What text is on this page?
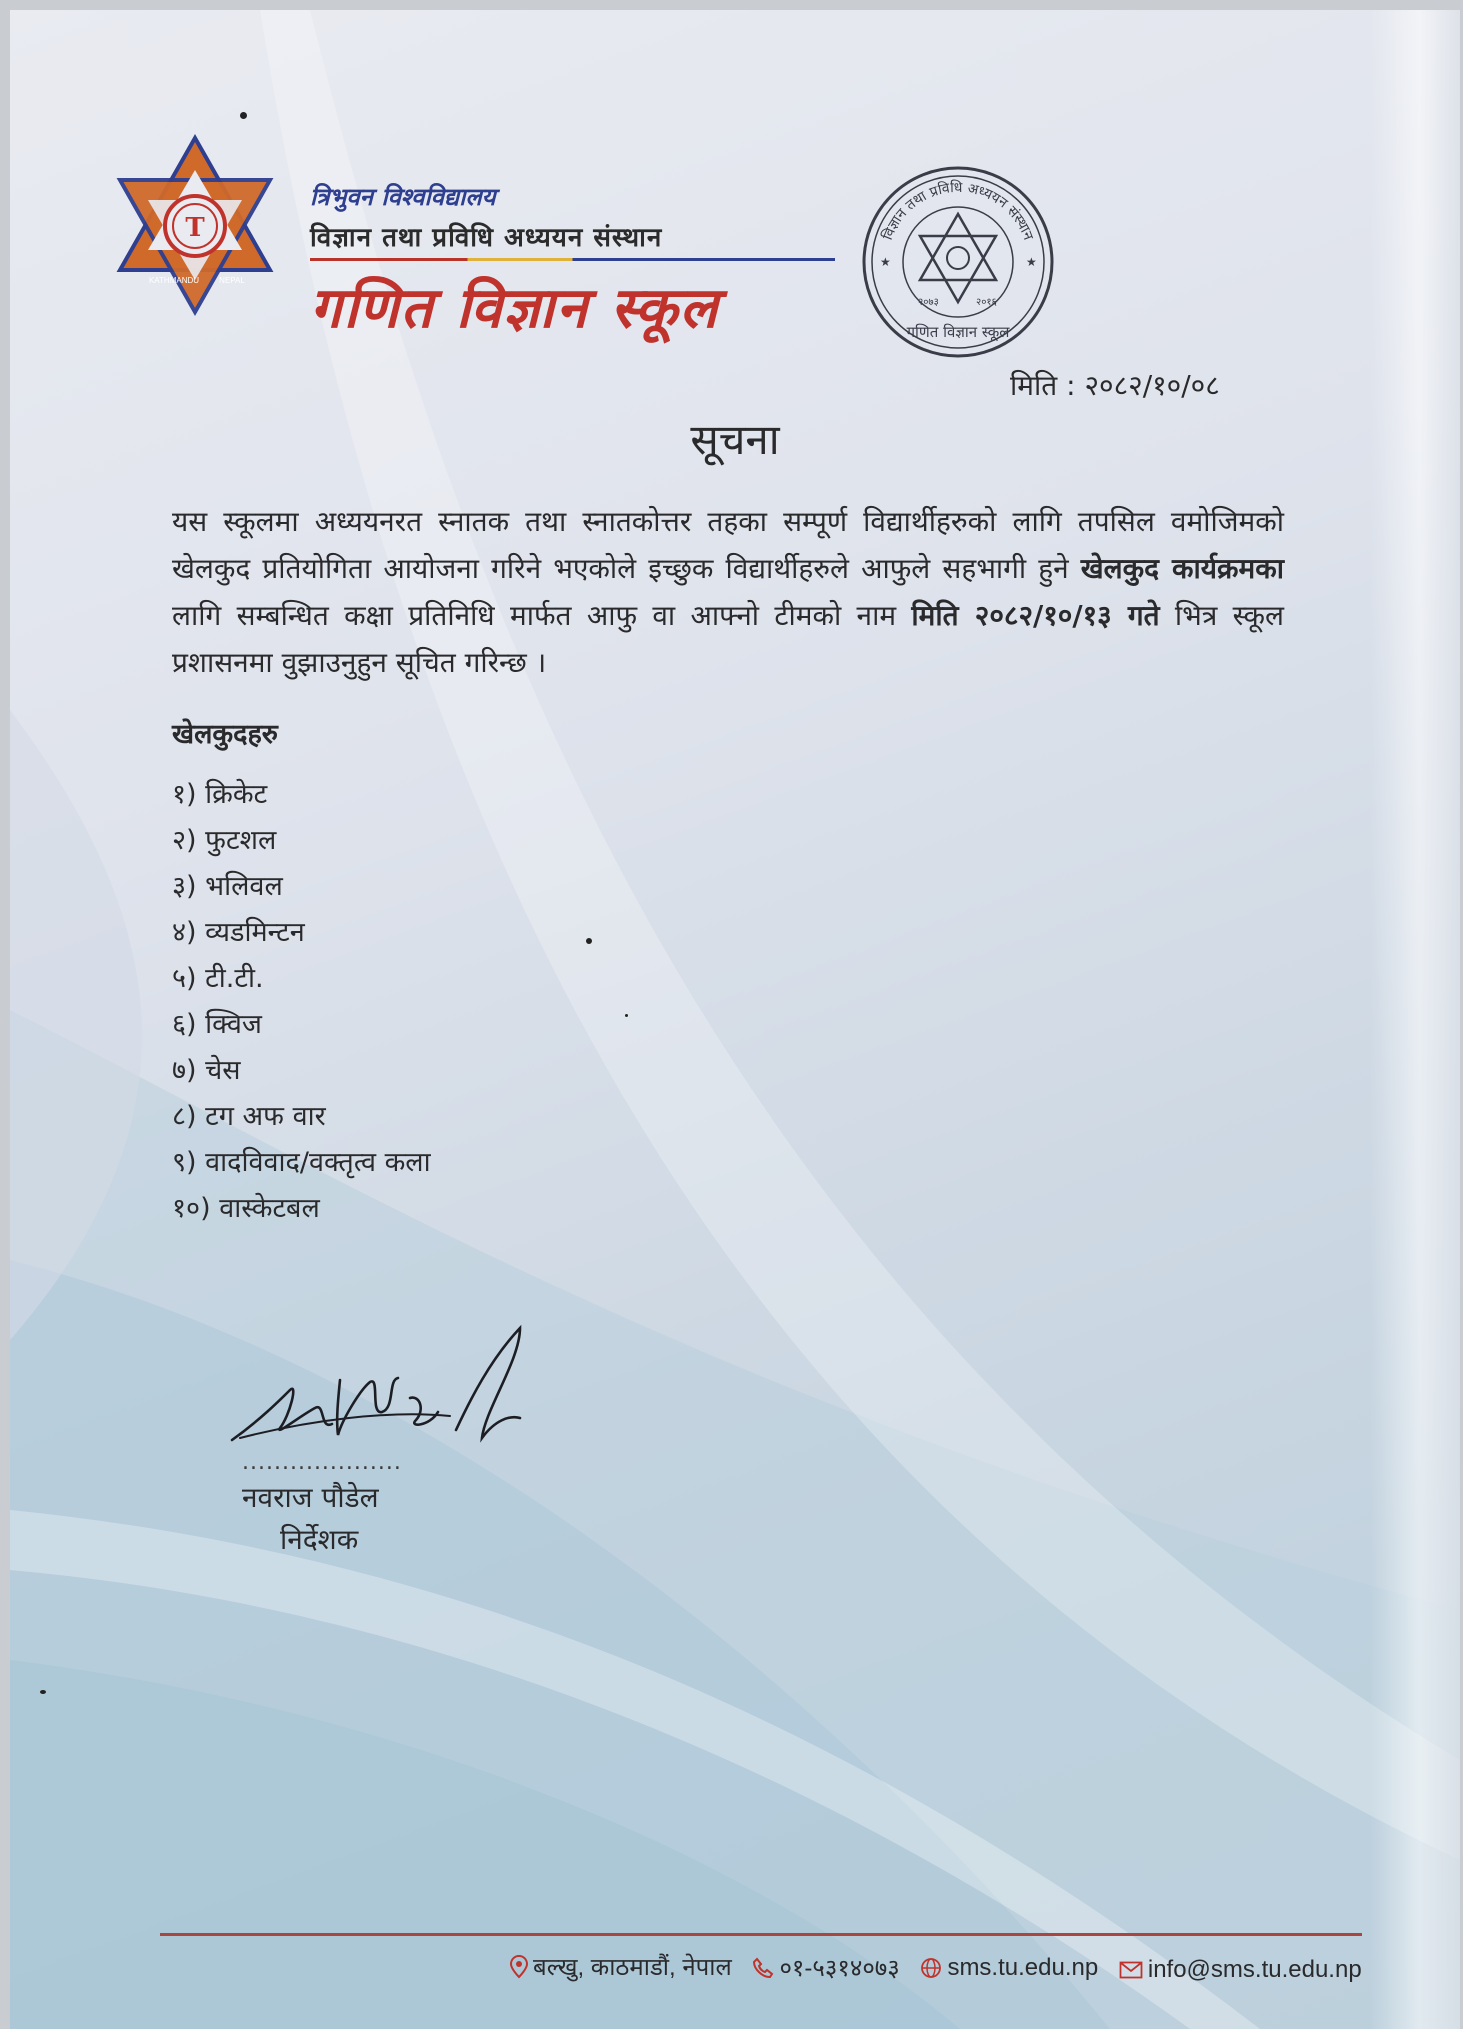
T
KATHMANDU	NEPAL
त्रिभुवन विश्वविद्यालय
विज्ञान तथा प्रविधि अध्ययन संस्थान
गणित विज्ञान स्कूल
विज्ञान तथा प्रविधि अध्ययन संस्थान
२०७३	२०१६
गणित विज्ञान स्कूल
★	★
मिति : २०८२/१०/०८
सूचना
यस स्कूलमा अध्ययनरत स्नातक तथा स्नातकोत्तर तहका सम्पूर्ण विद्यार्थीहरुको लागि तपसिल वमोजिमको खेलकुद प्रतियोगिता आयोजना गरिने भएकोले इच्छुक विद्यार्थीहरुले आफुले सहभागी हुने खेलकुद कार्यक्रमका लागि सम्बन्धित कक्षा प्रतिनिधि मार्फत आफु वा आफ्नो टीमको नाम मिति २०८२/१०/१३ गते भित्र स्कूल प्रशासनमा वुझाउनुहुन सूचित गरिन्छ ।
खेलकुदहरु
१) क्रिकेट
२) फुटशल
३) भलिवल
४) व्यडमिन्टन
५) टी.टी.
६) क्विज
७) चेस
८) टग अफ वार
९) वादविवाद/वक्तृत्व कला
१०) वास्केटबल
....................
नवराज पौडेल
निर्देशक
बल्खु, काठमाडौं, नेपाल
०१-५३१४०७३
sms.tu.edu.np
info@sms.tu.edu.np
